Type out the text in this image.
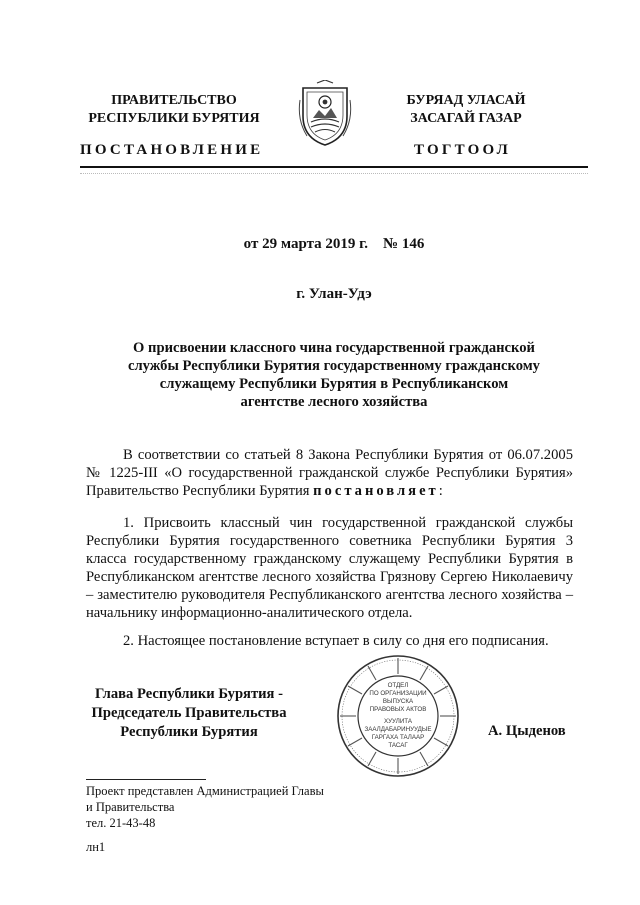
ПРАВИТЕЛЬСТВО
РЕСПУБЛИКИ БУРЯТИЯ
БУРЯАД УЛАСАЙ
ЗАСАГАЙ ГАЗАР
ПОСТАНОВЛЕНИЕ	ТОГТООЛ
от 29 марта 2019 г.    № 146
г. Улан-Удэ
О присвоении классного чина государственной гражданской
службы Республики Бурятия государственному гражданскому
служащему Республики Бурятия в Республиканском
агентстве лесного хозяйства

В соответствии со статьей 8 Закона Республики Бурятия от 06.07.2005 № 1225-III «О государственной гражданской службе Республики Бурятия» Правительство Республики Бурятия постановляет:

1. Присвоить классный чин государственной гражданской службы Республики Бурятия государственного советника Республики Бурятия 3 класса государственному гражданскому служащему Республики Бурятия в Республиканском агентстве лесного хозяйства Грязнову Сергею Николаевичу – заместителю руководителя Республиканского агентства лесного хозяйства – начальнику информационно-аналитического отдела.

2. Настоящее постановление вступает в силу со дня его подписания.

Глава Республики Бурятия -
Председатель Правительства
Республики Бурятия
ОТДЕЛ
ПО ОРГАНИЗАЦИИ
ВЫПУСКА
ПРАВОВЫХ АКТОВ
ХУУЛИТА
ЗААЛДАБАРИНУУДЫЕ
ГАРГАХА ТАЛААР
ТАСАГ
А. Цыденов
Проект представлен Администрацией Главы
и Правительства
тел. 21-43-48
лн1
